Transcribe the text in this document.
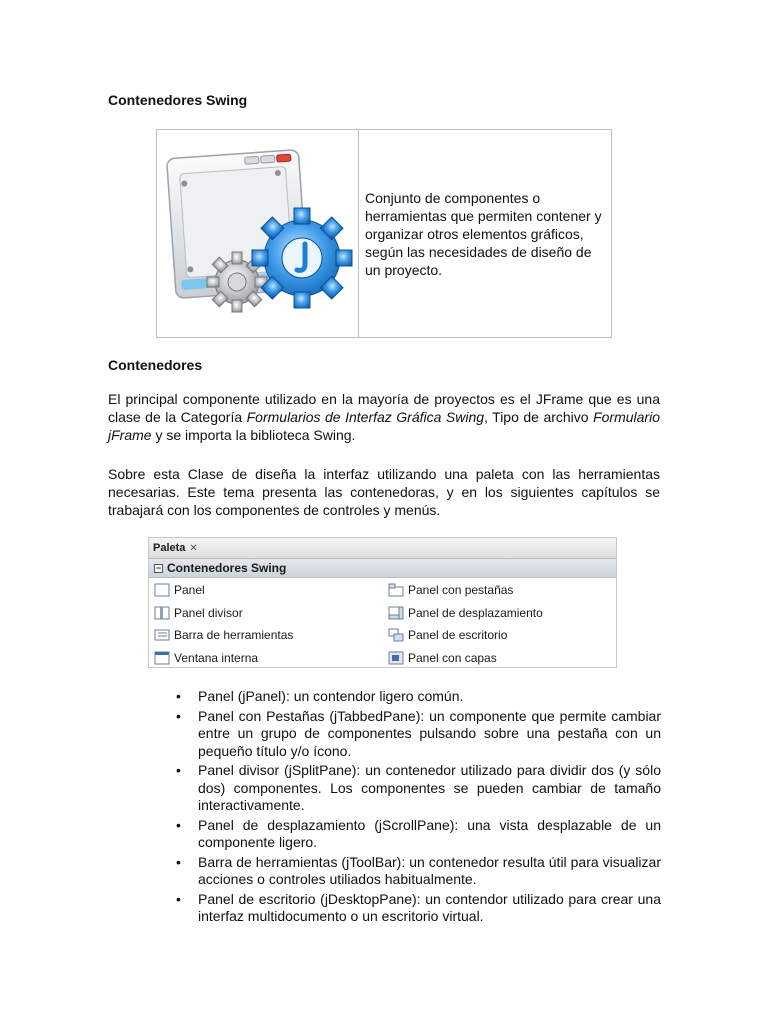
Contenedores Swing

Conjunto de componentes o herramientas que permiten contener y organizar otros elementos gráficos, según las necesidades de diseño de un proyecto.

Contenedores

El principal componente utilizado en la mayoría de proyectos es el JFrame que es una clase de la Categoría Formularios de Interfaz Gráfica Swing, Tipo de archivo Formulario jFrame y se importa la biblioteca Swing.

Sobre esta Clase de diseña la interfaz utilizando una paleta con las herramientas necesarias. Este tema presenta las contenedoras, y en los siguientes capítulos se trabajará con los componentes de controles y menús.

Paleta ✕
− Contenedores Swing
Panel	Panel con pestañas
Panel divisor	Panel de desplazamiento
Barra de herramientas	Panel de escritorio
Ventana interna	Panel con capas
• Panel (jPanel): un contendor ligero común.
• Panel con Pestañas (jTabbedPane): un componente que permite cambiar entre un grupo de componentes pulsando sobre una pestaña con un pequeño título y/o ícono.
• Panel divisor (jSplitPane): un contenedor utilizado para dividir dos (y sólo dos) componentes. Los componentes se pueden cambiar de tamaño interactivamente.
• Panel de desplazamiento (jScrollPane): una vista desplazable de un componente ligero.
• Barra de herramientas (jToolBar): un contenedor resulta útil para visualizar acciones o controles utiliados habitualmente.
• Panel de escritorio (jDesktopPane): un contendor utilizado para crear una interfaz multidocumento o un escritorio virtual.
